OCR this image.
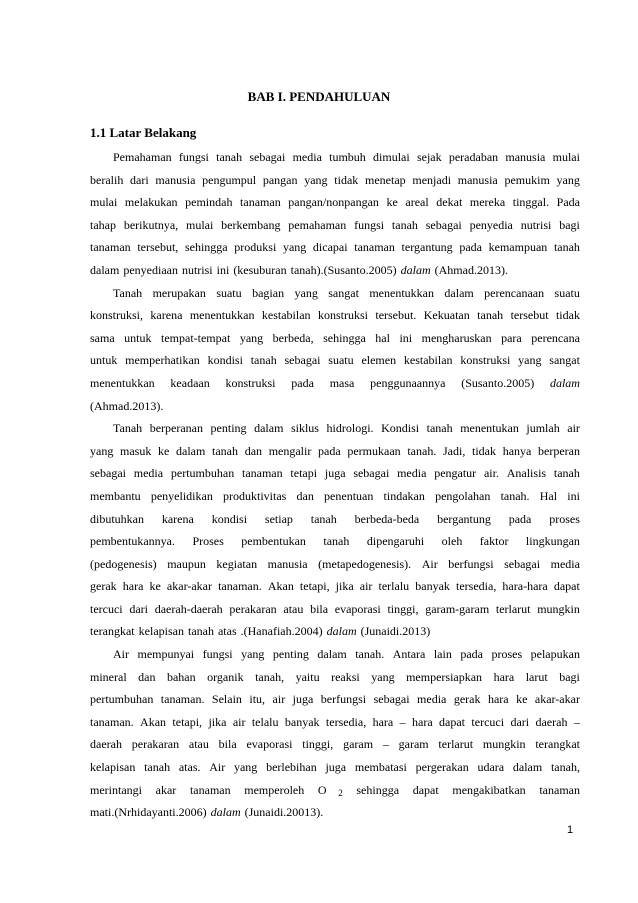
BAB I. PENDAHULUAN
1.1 Latar Belakang
Pemahaman fungsi tanah sebagai media tumbuh dimulai sejak peradaban manusia mulai
beralih dari manusia pengumpul pangan yang tidak menetap menjadi manusia pemukim yang
mulai melakukan pemindah tanaman pangan/nonpangan ke areal dekat mereka tinggal. Pada
tahap berikutnya, mulai berkembang pemahaman fungsi tanah sebagai penyedia nutrisi bagi
tanaman tersebut, sehingga produksi yang dicapai tanaman tergantung pada kemampuan tanah
dalam penyediaan nutrisi ini (kesuburan tanah).(Susanto.2005) dalam (Ahmad.2013).
Tanah merupakan suatu bagian yang sangat menentukkan dalam perencanaan suatu
konstruksi, karena menentukkan kestabilan konstruksi tersebut. Kekuatan tanah tersebut tidak
sama untuk tempat-tempat yang berbeda, sehingga hal ini mengharuskan para perencana
untuk memperhatikan kondisi tanah sebagai suatu elemen kestabilan konstruksi yang sangat
menentukkan keadaan konstruksi pada masa penggunaannya (Susanto.2005) dalam
(Ahmad.2013).
Tanah berperanan penting dalam siklus hidrologi. Kondisi tanah menentukan jumlah air
yang masuk ke dalam tanah dan mengalir pada permukaan tanah. Jadi, tidak hanya berperan
sebagai media pertumbuhan tanaman tetapi juga sebagai media pengatur air. Analisis tanah
membantu penyelidikan produktivitas dan penentuan tindakan pengolahan tanah. Hal ini
dibutuhkan karena kondisi setiap tanah berbeda-beda bergantung pada proses
pembentukannya. Proses pembentukan tanah dipengaruhi oleh faktor lingkungan
(pedogenesis) maupun kegiatan manusia (metapedogenesis). Air berfungsi sebagai media
gerak hara ke akar-akar tanaman. Akan tetapi, jika air terlalu banyak tersedia, hara-hara dapat
tercuci dari daerah-daerah perakaran atau bila evaporasi tinggi, garam-garam terlarut mungkin
terangkat kelapisan tanah atas .(Hanafiah.2004) dalam (Junaidi.2013)
Air mempunyai fungsi yang penting dalam tanah. Antara lain pada proses pelapukan
mineral dan bahan organik tanah, yaitu reaksi yang mempersiapkan hara larut bagi
pertumbuhan tanaman. Selain itu, air juga berfungsi sebagai media gerak hara ke akar-akar
tanaman. Akan tetapi, jika air telalu banyak tersedia, hara – hara dapat tercuci dari daerah –
daerah perakaran atau bila evaporasi tinggi, garam – garam terlarut mungkin terangkat
kelapisan tanah atas. Air yang berlebihan juga membatasi pergerakan udara dalam tanah,
merintangi akar tanaman memperoleh O 2 sehingga dapat mengakibatkan tanaman
mati.(Nrhidayanti.2006) dalam (Junaidi.20013).
1
